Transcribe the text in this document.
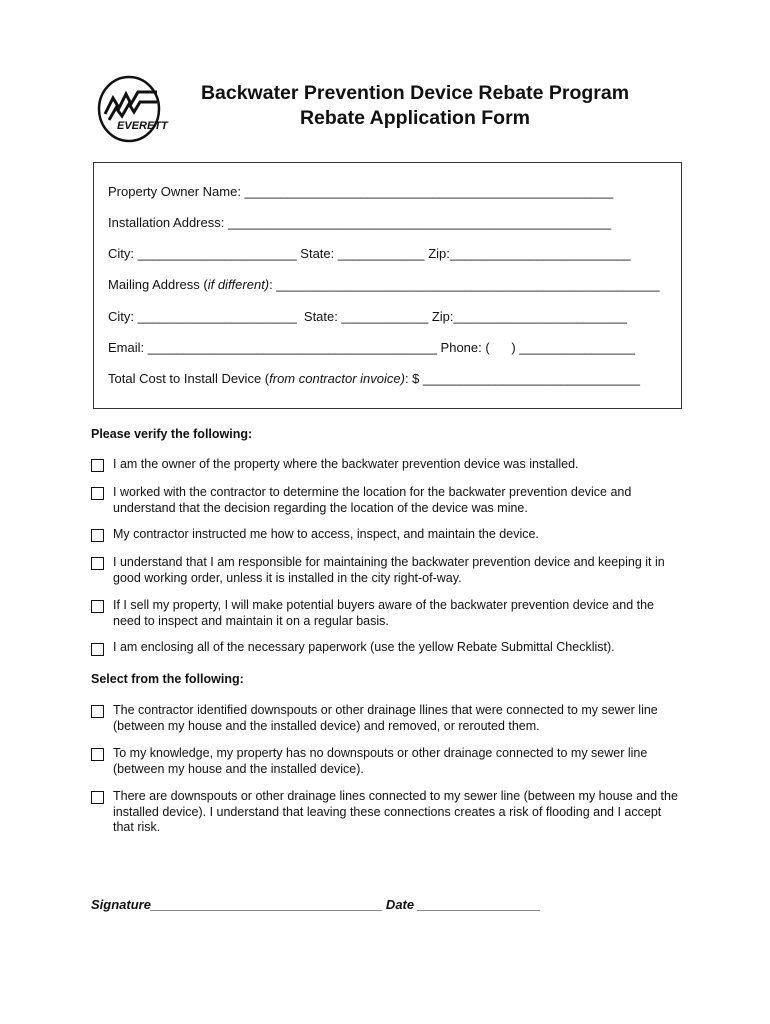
EVERETT
Backwater Prevention Device Rebate Program
Rebate Application Form
Property Owner Name: ___________________________________________________
Installation Address: _____________________________________________________
City: ______________________ State: ____________ Zip:_________________________
Mailing Address (if different): _____________________________________________________
City: ______________________  State: ____________ Zip:________________________
Email: ________________________________________ Phone: (      ) ________________
Total Cost to Install Device (from contractor invoice): $ ______________________________
Please verify the following:
I am the owner of the property where the backwater prevention device was installed.
I worked with the contractor to determine the location for the backwater prevention device and understand that the decision regarding the location of the device was mine.
My contractor instructed me how to access, inspect, and maintain the device.
I understand that I am responsible for maintaining the backwater prevention device and keeping it in good working order, unless it is installed in the city right-of-way.
If I sell my property, I will make potential buyers aware of the backwater prevention device and the need to inspect and maintain it on a regular basis.
I am enclosing all of the necessary paperwork (use the yellow Rebate Submittal Checklist).
Select from the following:
The contractor identified downspouts or other drainage llines that were connected to my sewer line (between my house and the installed device) and removed, or rerouted them.
To my knowledge, my property has no downspouts or other drainage connected to my sewer line (between my house and the installed device).
There are downspouts or other drainage lines connected to my sewer line (between my house and the installed device). I understand that leaving these connections creates a risk of flooding and I accept that risk.
Signature________________________________ Date _________________
